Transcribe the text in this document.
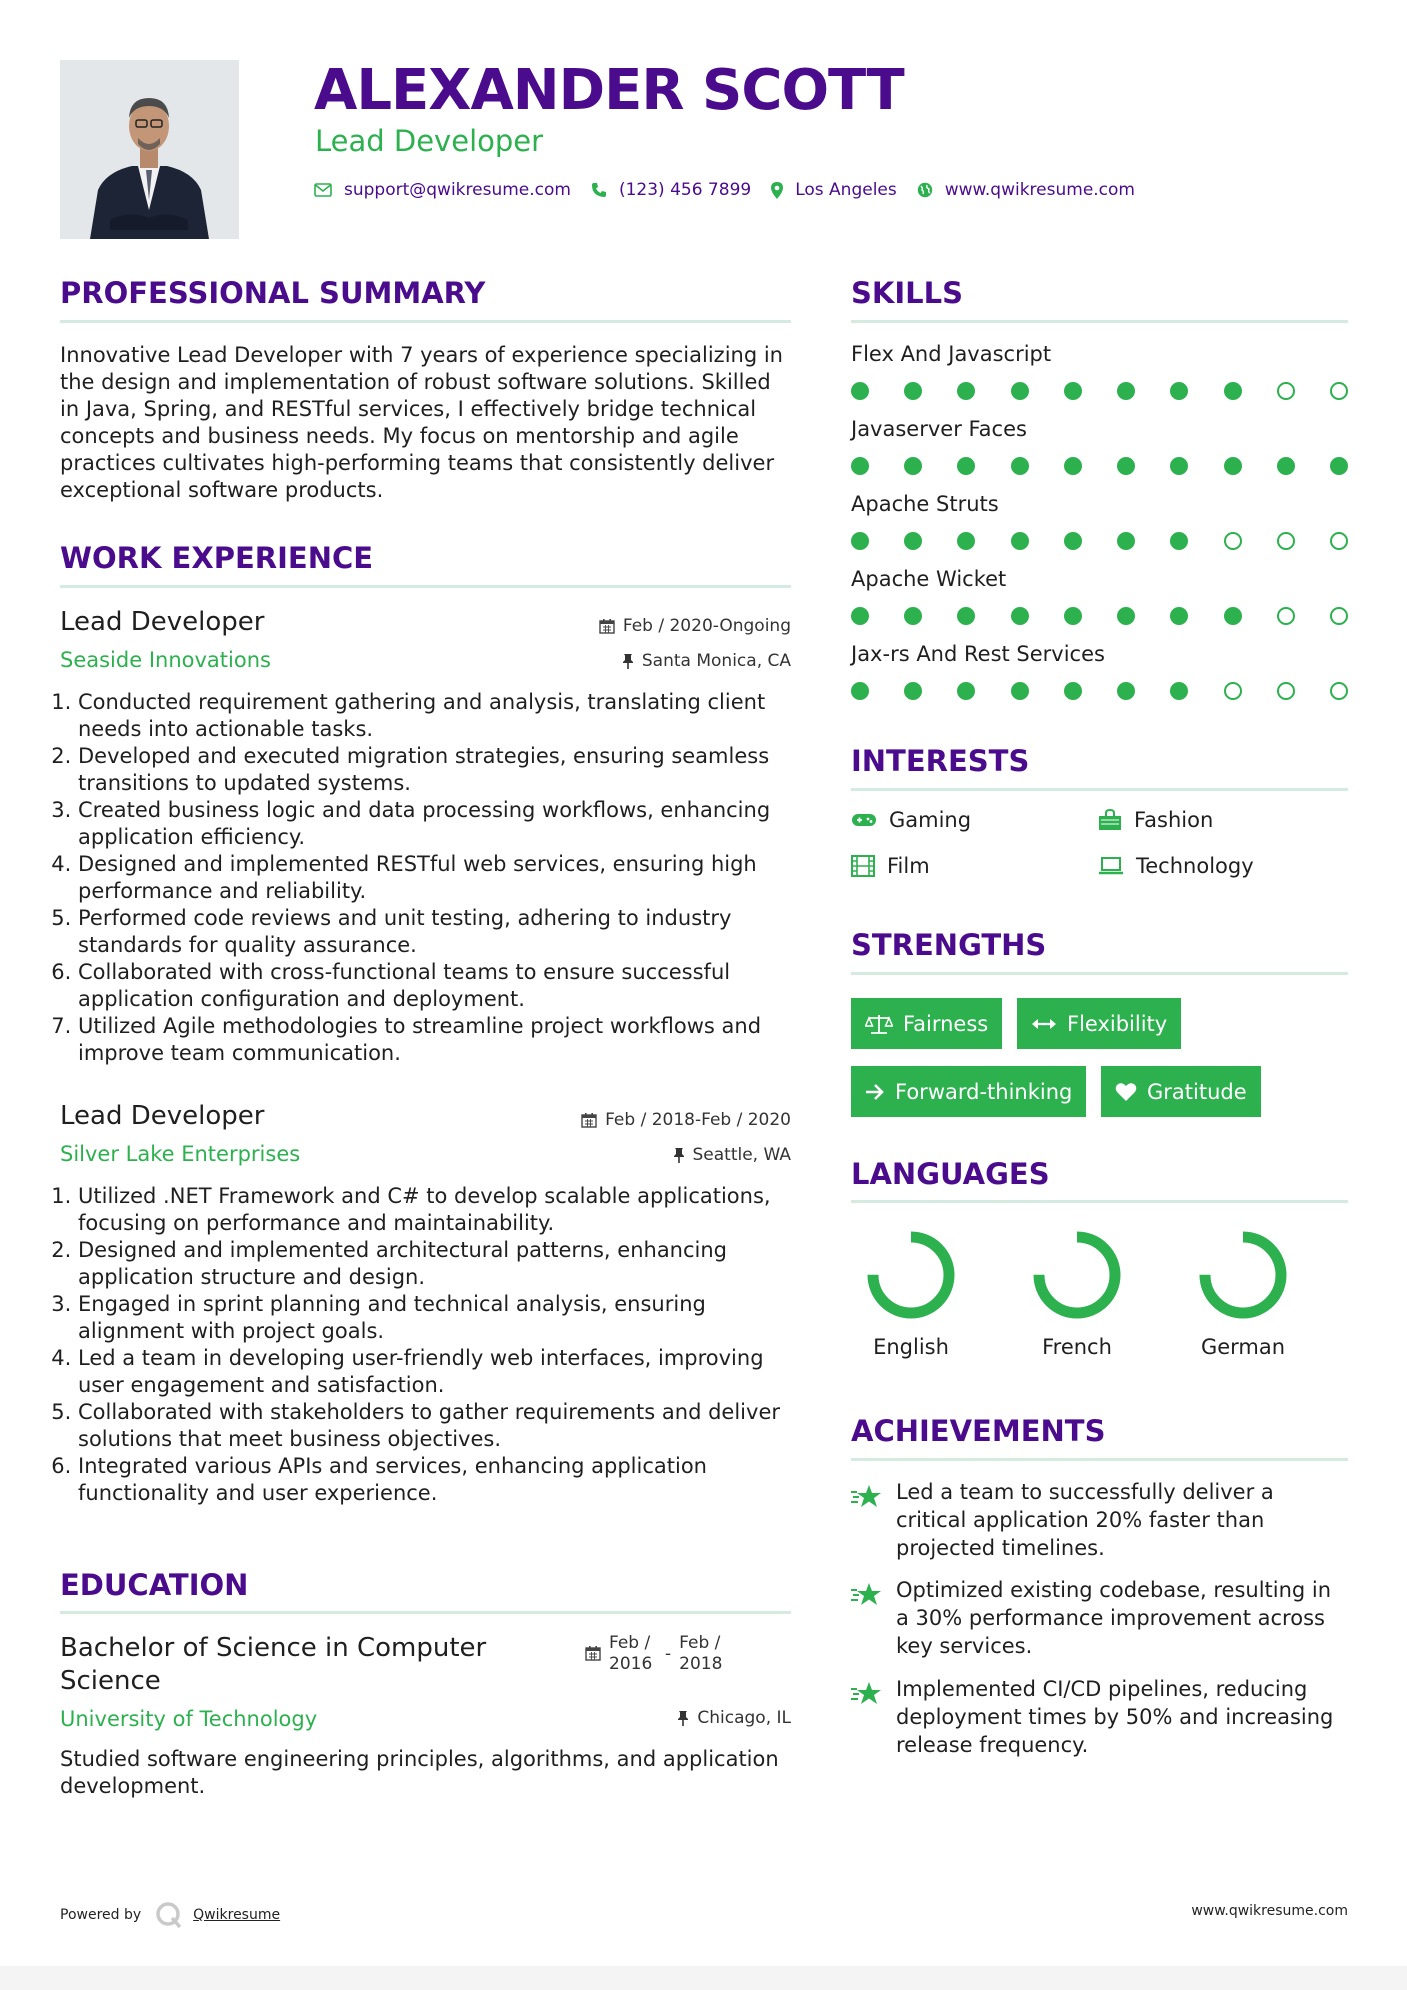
ALEXANDER SCOTT
Lead Developer
support@qwikresume.com	(123) 456 7899	Los Angeles	www.qwikresume.com
PROFESSIONAL SUMMARY
Innovative Lead Developer with 7 years of experience specializing in the design and implementation of robust software solutions. Skilled in Java, Spring, and RESTful services, I effectively bridge technical concepts and business needs. My focus on mentorship and agile practices cultivates high-performing teams that consistently deliver exceptional software products.
WORK EXPERIENCE
Lead Developer	Feb / 2020-Ongoing
Seaside Innovations	Santa Monica, CA
1. Conducted requirement gathering and analysis, translating client needs into actionable tasks.
2. Developed and executed migration strategies, ensuring seamless transitions to updated systems.
3. Created business logic and data processing workflows, enhancing application efficiency.
4. Designed and implemented RESTful web services, ensuring high performance and reliability.
5. Performed code reviews and unit testing, adhering to industry standards for quality assurance.
6. Collaborated with cross-functional teams to ensure successful application configuration and deployment.
7. Utilized Agile methodologies to streamline project workflows and improve team communication.
Lead Developer	Feb / 2018-Feb / 2020
Silver Lake Enterprises	Seattle, WA
1. Utilized .NET Framework and C# to develop scalable applications, focusing on performance and maintainability.
2. Designed and implemented architectural patterns, enhancing application structure and design.
3. Engaged in sprint planning and technical analysis, ensuring alignment with project goals.
4. Led a team in developing user-friendly web interfaces, improving user engagement and satisfaction.
5. Collaborated with stakeholders to gather requirements and deliver solutions that meet business objectives.
6. Integrated various APIs and services, enhancing application functionality and user experience.
EDUCATION
Bachelor of Science in Computer Science
Feb / 2016 -
Feb / 2018
University of Technology	Chicago, IL
Studied software engineering principles, algorithms, and application development.
SKILLS
Flex And Javascript
Javaserver Faces
Apache Struts
Apache Wicket
Jax-rs And Rest Services
INTERESTS
Gaming	Fashion
Film	Technology
STRENGTHS
Fairness	Flexibility
Forward-thinking	Gratitude
LANGUAGES
English	French	German
ACHIEVEMENTS
Led a team to successfully deliver a critical application 20% faster than projected timelines.
Optimized existing codebase, resulting in a 30% performance improvement across key services.
Implemented CI/CD pipelines, reducing deployment times by 50% and increasing release frequency.
Powered by	Qwikresume	www.qwikresume.com
